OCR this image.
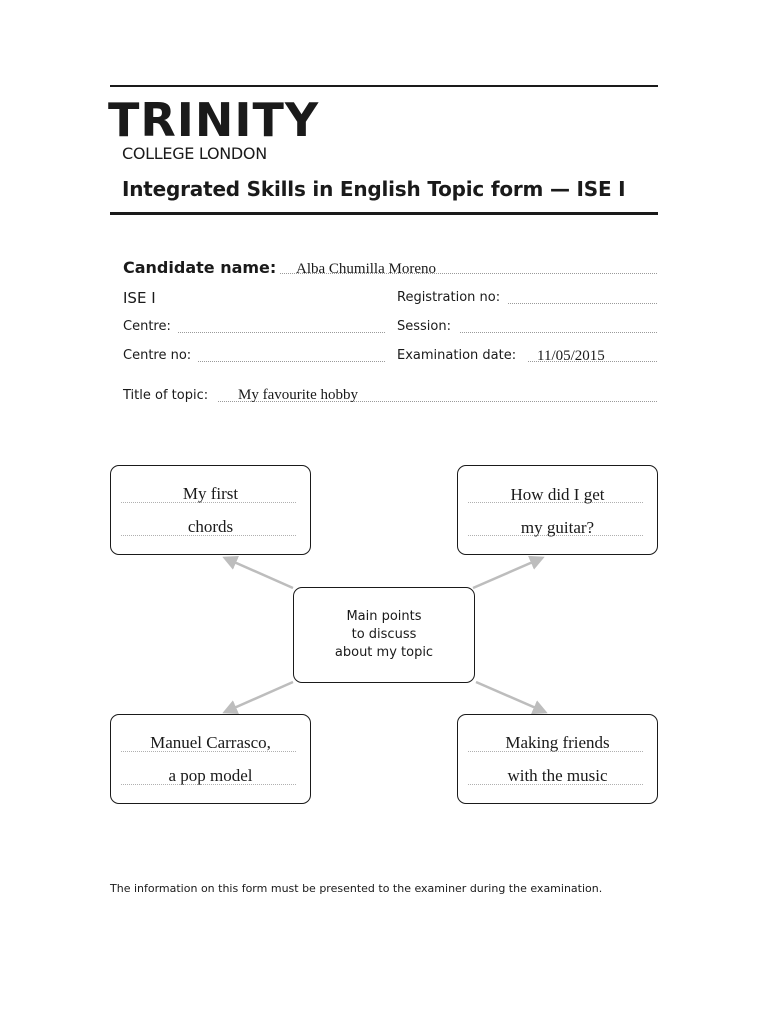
TRINITY
COLLEGE LONDON
Integrated Skills in English Topic form — ISE I
Candidate name: Alba Chumilla Moreno
ISE I	Registration no:
Centre:	Session:
Centre no:	Examination date: 11/05/2015
Title of topic: My favourite hobby
Main points
to discuss
about my topic
My first
chords
How did I get
my guitar?
Manuel Carrasco,
a pop model
Making friends
with the music
The information on this form must be presented to the examiner during the examination.
